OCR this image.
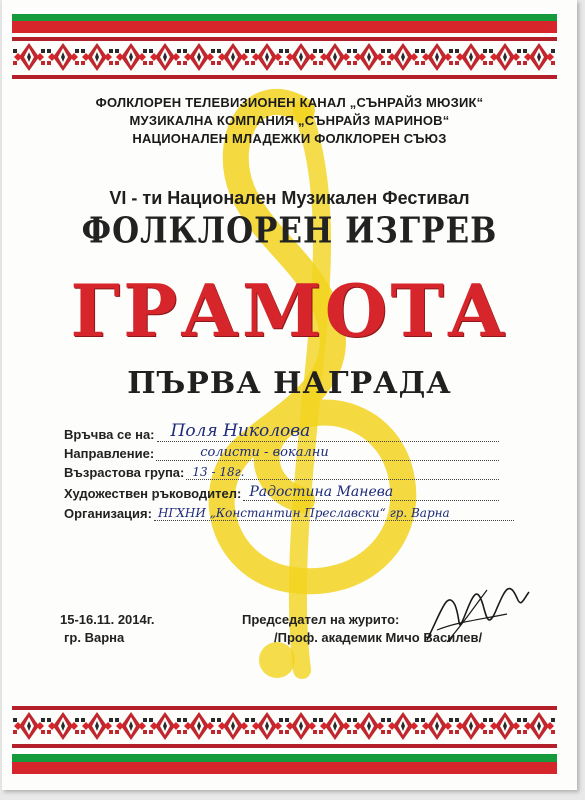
ФОЛКЛОРЕН ТЕЛЕВИЗИОНЕН КАНАЛ „СЪНРАЙЗ МЮЗИК“
МУЗИКАЛНА КОМПАНИЯ „СЪНРАЙЗ МАРИНОВ“
НАЦИОНАЛЕН МЛАДЕЖКИ ФОЛКЛОРЕН СЪЮЗ
VI - ти Национален Музикален Фестивал
ФОЛКЛОРЕН ИЗГРЕВ
ГРАМОТА
ПЪРВА НАГРАДА
Връчва се на: Поля Николова
Направление:	солисти - вокални
Възрастова група: 13 - 18г.
Художествен ръководител: Радостина Манева
Организация: НГХНИ „Константин Преславски“ гр. Варна
15-16.11. 2014г.
гр. Варна
Председател на журито:
/Проф. академик Мичо Василев/
